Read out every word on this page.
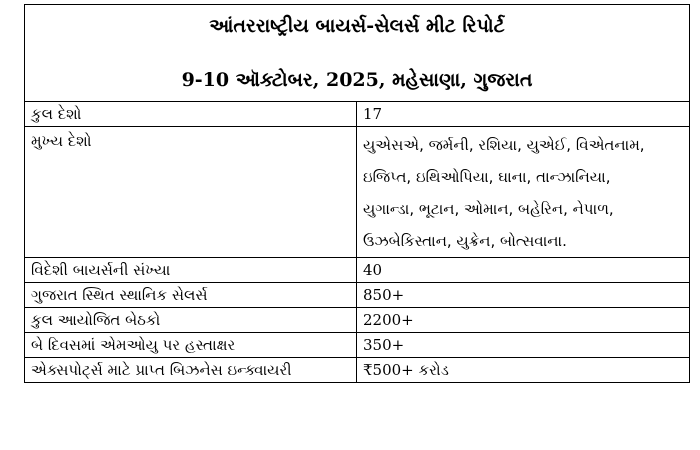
આંતરરાષ્ટ્રીય બાયર્સ-સેલર્સ મીટ રિપોર્ટ
9-10 ઑક્ટોબર, 2025, મહેસાણા, ગુજરાત
કુલ દેશો	17
મુખ્ય દેશો	યુએસએ, જર્મની, રશિયા, યુએઈ, વિએતનામ,
ઇજિપ્ત, ઇથિઓપિયા, ઘાના, તાન્ઝાનિયા,
યુગાન્ડા, ભૂટાન, ઓમાન, બહેરિન, નેપાળ,
ઉઝબેકિસ્તાન, યુક્રેન, બોત્સવાના.
વિદેશી બાયર્સની સંખ્યા	40
ગુજરાત સ્થિત સ્થાનિક સેલર્સ	850+
કુલ આયોજિત બેઠકો	2200+
બે દિવસમાં એમઓયુ પર હસ્તાક્ષર	350+
એક્સપોર્ટ્સ માટે પ્રાપ્ત બિઝનેસ ઇન્ક્વાયરી	₹500+ કરોડ
